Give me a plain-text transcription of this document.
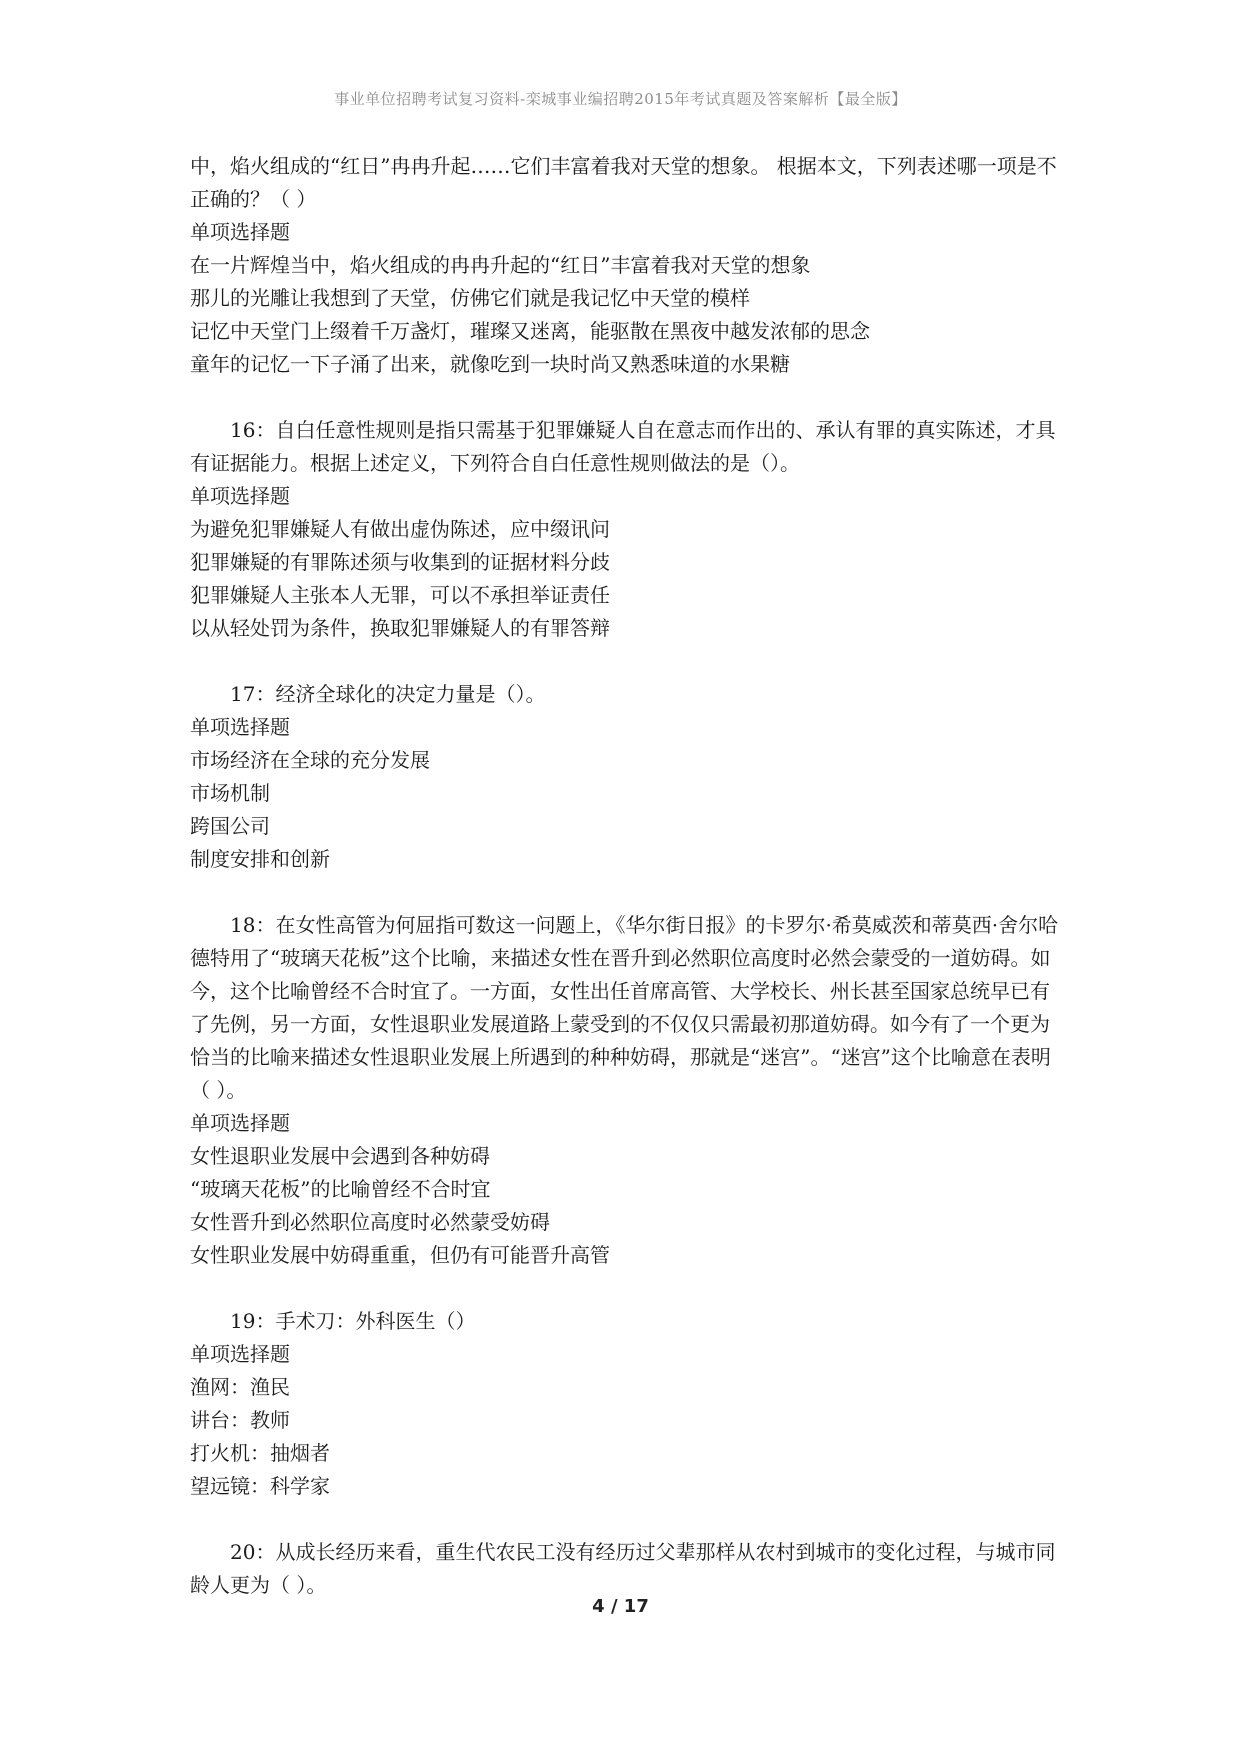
事业单位招聘考试复习资料-栾城事业编招聘2015年考试真题及答案解析【最全版】

中，焰火组成的“红日”冉冉升起……它们丰富着我对天堂的想象。 根据本文，下列表述哪一项是不正确的？（ ）

单项选择题

在一片辉煌当中，焰火组成的冉冉升起的“红日”丰富着我对天堂的想象

那儿的光雕让我想到了天堂，仿佛它们就是我记忆中天堂的模样

记忆中天堂门上缀着千万盏灯，璀璨又迷离，能驱散在黑夜中越发浓郁的思念

童年的记忆一下子涌了出来，就像吃到一块时尚又熟悉味道的水果糖

16：自白任意性规则是指只需基于犯罪嫌疑人自在意志而作出的、承认有罪的真实陈述，才具有证据能力。根据上述定义，下列符合自白任意性规则做法的是（）。

单项选择题

为避免犯罪嫌疑人有做出虚伪陈述，应中缀讯问

犯罪嫌疑的有罪陈述须与收集到的证据材料分歧

犯罪嫌疑人主张本人无罪，可以不承担举证责任

以从轻处罚为条件，换取犯罪嫌疑人的有罪答辩

17：经济全球化的决定力量是（）。

单项选择题

市场经济在全球的充分发展

市场机制

跨国公司

制度安排和创新

18：在女性高管为何屈指可数这一问题上，《华尔街日报》的卡罗尔·希莫威茨和蒂莫西·舍尔哈德特用了“玻璃天花板”这个比喻，来描述女性在晋升到必然职位高度时必然会蒙受的一道妨碍。如今，这个比喻曾经不合时宜了。一方面，女性出任首席高管、大学校长、州长甚至国家总统早已有了先例，另一方面，女性退职业发展道路上蒙受到的不仅仅只需最初那道妨碍。如今有了一个更为恰当的比喻来描述女性退职业发展上所遇到的种种妨碍，那就是“迷宫”。“迷宫”这个比喻意在表明（ ）。

单项选择题

女性退职业发展中会遇到各种妨碍

“玻璃天花板”的比喻曾经不合时宜

女性晋升到必然职位高度时必然蒙受妨碍

女性职业发展中妨碍重重，但仍有可能晋升高管

19：手术刀：外科医生（）

单项选择题

渔网：渔民

讲台：教师

打火机：抽烟者

望远镜：科学家

20：从成长经历来看，重生代农民工没有经历过父辈那样从农村到城市的变化过程，与城市同龄人更为（ ）。

4 / 17
